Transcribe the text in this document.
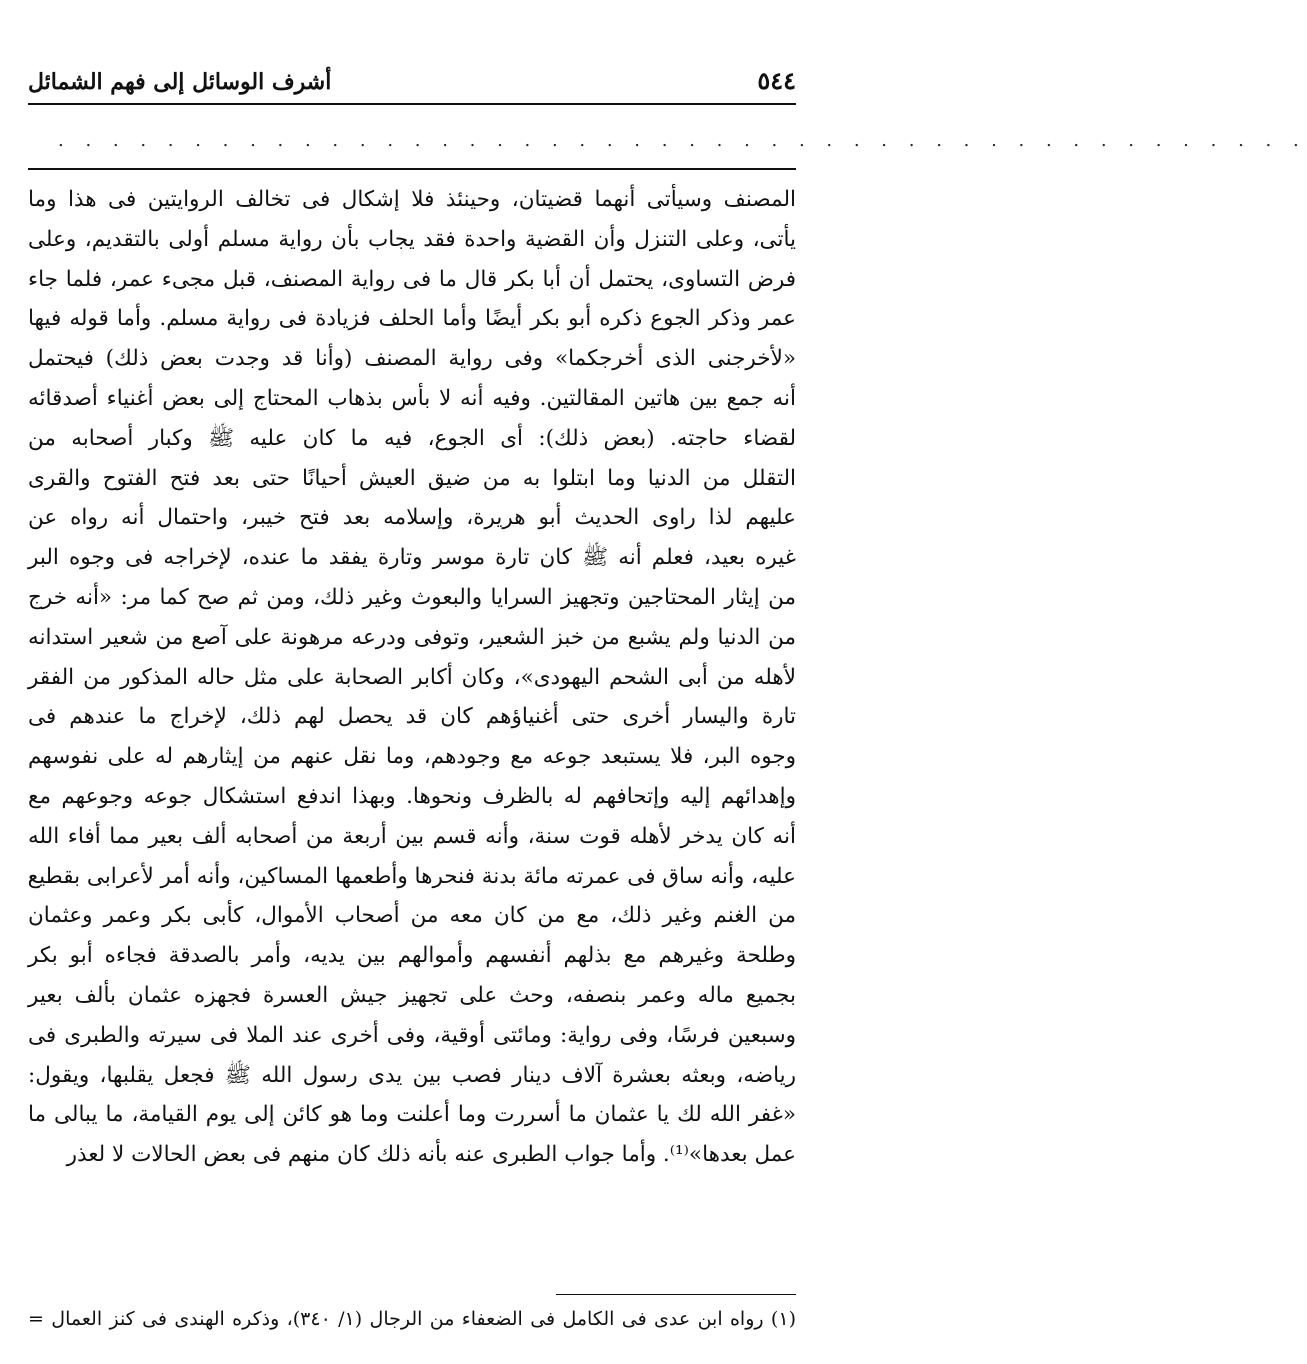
٥٤٤
أشرف الوسائل إلى فهم الشمائل
. . . . . . . . . . . . . . . . . . . . . . . . . . . . . . . . . . . . . . . . . . . . . .
المصنف وسيأتى أنهما قضيتان، وحينئذ فلا إشكال فى تخالف الروايتين فى هذا وما
يأتى، وعلى التنزل وأن القضية واحدة فقد يجاب بأن رواية مسلم أولى بالتقديم، وعلى
فرض التساوى، يحتمل أن أبا بكر قال ما فى رواية المصنف، قبل مجىء عمر، فلما جاء
عمر وذكر الجوع ذكره أبو بكر أيضًا وأما الحلف فزيادة فى رواية مسلم. وأما قوله فيها
«لأخرجنى الذى أخرجكما» وفى رواية المصنف (وأنا قد وجدت بعض ذلك) فيحتمل
أنه جمع بين هاتين المقالتين. وفيه أنه لا بأس بذهاب المحتاج إلى بعض أغنياء أصدقائه
لقضاء حاجته. (بعض ذلك): أى الجوع، فيه ما كان عليه ﷺ وكبار أصحابه من
التقلل من الدنيا وما ابتلوا به من ضيق العيش أحيانًا حتى بعد فتح الفتوح والقرى
عليهم لذا راوى الحديث أبو هريرة، وإسلامه بعد فتح خيبر، واحتمال أنه رواه عن
غيره بعيد، فعلم أنه ﷺ كان تارة موسر وتارة يفقد ما عنده، لإخراجه فى وجوه البر
من إيثار المحتاجين وتجهيز السرايا والبعوث وغير ذلك، ومن ثم صح كما مر: «أنه خرج
من الدنيا ولم يشبع من خبز الشعير، وتوفى ودرعه مرهونة على آصع من شعير استدانه
لأهله من أبى الشحم اليهودى»، وكان أكابر الصحابة على مثل حاله المذكور من الفقر
تارة واليسار أخرى حتى أغنياؤهم كان قد يحصل لهم ذلك، لإخراج ما عندهم فى
وجوه البر، فلا يستبعد جوعه مع وجودهم، وما نقل عنهم من إيثارهم له على نفوسهم
وإهدائهم إليه وإتحافهم له بالظرف ونحوها. وبهذا اندفع استشكال جوعه وجوعهم مع
أنه كان يدخر لأهله قوت سنة، وأنه قسم بين أربعة من أصحابه ألف بعير مما أفاء الله
عليه، وأنه ساق فى عمرته مائة بدنة فنحرها وأطعمها المساكين، وأنه أمر لأعرابى بقطيع
من الغنم وغير ذلك، مع من كان معه من أصحاب الأموال، كأبى بكر وعمر وعثمان
وطلحة وغيرهم مع بذلهم أنفسهم وأموالهم بين يديه، وأمر بالصدقة فجاءه أبو بكر
بجميع ماله وعمر بنصفه، وحث على تجهيز جيش العسرة فجهزه عثمان بألف بعير
وسبعين فرسًا، وفى رواية: ومائتى أوقية، وفى أخرى عند الملا فى سيرته والطبرى فى
رياضه، وبعثه بعشرة آلاف دينار فصب بين يدى رسول الله ﷺ فجعل يقلبها، ويقول:
«غفر الله لك يا عثمان ما أسررت وما أعلنت وما هو كائن إلى يوم القيامة، ما يبالى ما
عمل بعدها»⁽¹⁾. وأما جواب الطبرى عنه بأنه ذلك كان منهم فى بعض الحالات لا لعذر
(١) رواه ابن عدى فى الكامل فى الضعفاء من الرجال (١/ ٣٤٠)، وذكره الهندى فى كنز العمال =
